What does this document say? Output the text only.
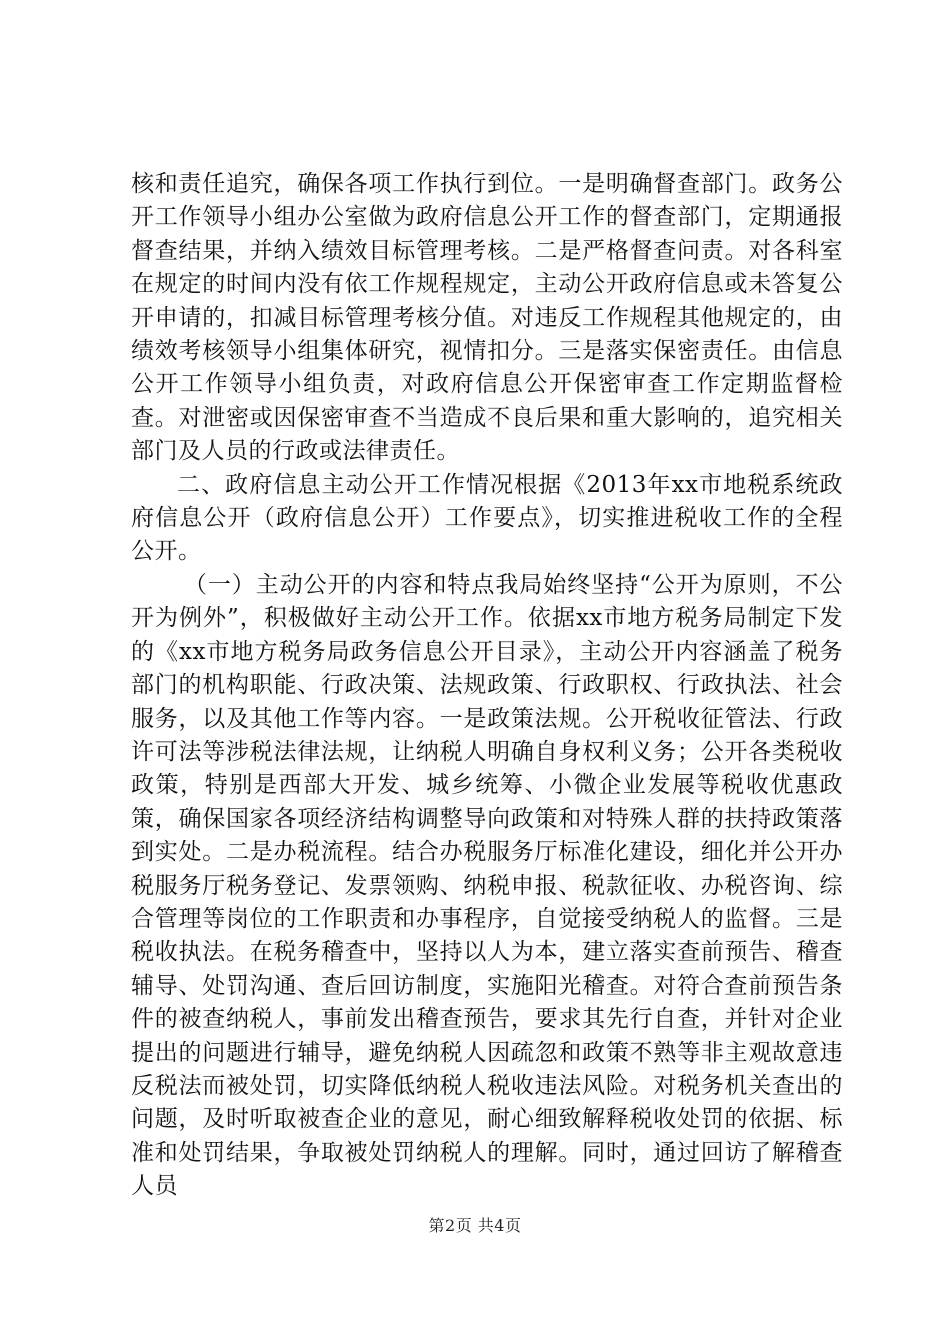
核和责任追究，确保各项工作执行到位。一是明确督查部门。政务公开工作领导小组办公室做为政府信息公开工作的督查部门，定期通报督查结果，并纳入绩效目标管理考核。二是严格督查问责。对各科室在规定的时间内没有依工作规程规定，主动公开政府信息或未答复公开申请的，扣减目标管理考核分值。对违反工作规程其他规定的，由绩效考核领导小组集体研究，视情扣分。三是落实保密责任。由信息公开工作领导小组负责，对政府信息公开保密审查工作定期监督检查。对泄密或因保密审查不当造成不良后果和重大影响的，追究相关部门及人员的行政或法律责任。

二、政府信息主动公开工作情况根据《2013年xx市地税系统政府信息公开（政府信息公开）工作要点》，切实推进税收工作的全程公开。

（一）主动公开的内容和特点我局始终坚持“公开为原则，不公开为例外”，积极做好主动公开工作。依据xx市地方税务局制定下发的《xx市地方税务局政务信息公开目录》，主动公开内容涵盖了税务部门的机构职能、行政决策、法规政策、行政职权、行政执法、社会服务，以及其他工作等内容。一是政策法规。公开税收征管法、行政许可法等涉税法律法规，让纳税人明确自身权利义务；公开各类税收政策，特别是西部大开发、城乡统筹、小微企业发展等税收优惠政策，确保国家各项经济结构调整导向政策和对特殊人群的扶持政策落到实处。二是办税流程。结合办税服务厅标准化建设，细化并公开办税服务厅税务登记、发票领购、纳税申报、税款征收、办税咨询、综合管理等岗位的工作职责和办事程序，自觉接受纳税人的监督。三是税收执法。在税务稽查中，坚持以人为本，建立落实查前预告、稽查辅导、处罚沟通、查后回访制度，实施阳光稽查。对符合查前预告条件的被查纳税人，事前发出稽查预告，要求其先行自查，并针对企业提出的问题进行辅导，避免纳税人因疏忽和政策不熟等非主观故意违反税法而被处罚，切实降低纳税人税收违法风险。对税务机关查出的问题，及时听取被查企业的意见，耐心细致解释税收处罚的依据、标准和处罚结果，争取被处罚纳税人的理解。同时，通过回访了解稽查人员

第2页 共4页
